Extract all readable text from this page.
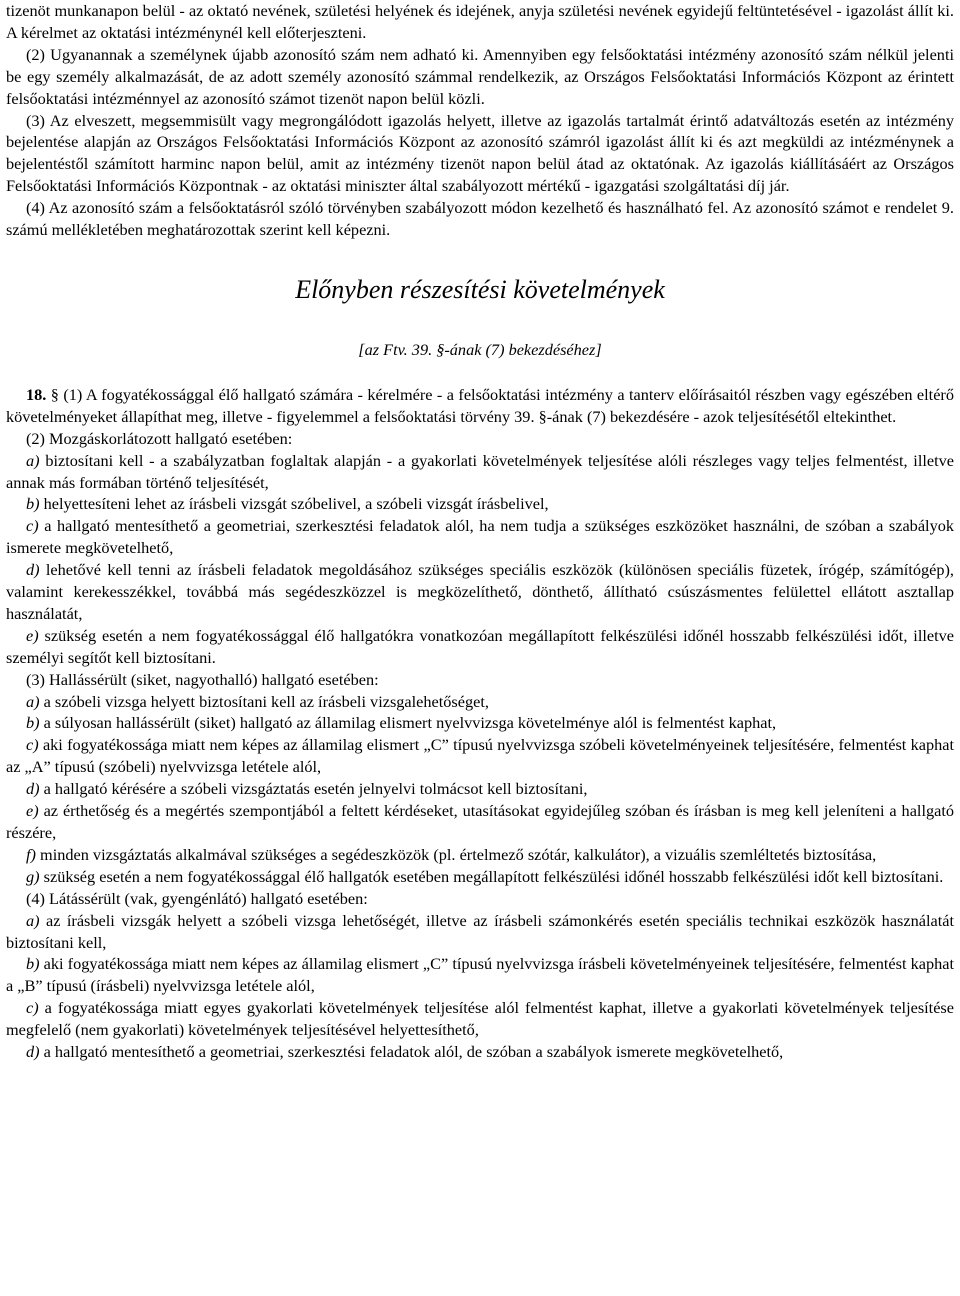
tizenöt munkanapon belül - az oktató nevének, születési helyének és idejének, anyja születési nevének egyidejű feltüntetésével - igazolást állít ki. A kérelmet az oktatási intézménynél kell előterjeszteni.

(2) Ugyanannak a személynek újabb azonosító szám nem adható ki. Amennyiben egy felsőoktatási intézmény azonosító szám nélkül jelenti be egy személy alkalmazását, de az adott személy azonosító számmal rendelkezik, az Országos Felsőoktatási Információs Központ az érintett felsőoktatási intézménnyel az azonosító számot tizenöt napon belül közli.

(3) Az elveszett, megsemmisült vagy megrongálódott igazolás helyett, illetve az igazolás tartalmát érintő adatváltozás esetén az intézmény bejelentése alapján az Országos Felsőoktatási Információs Központ az azonosító számról igazolást állít ki és azt megküldi az intézménynek a bejelentéstől számított harminc napon belül, amit az intézmény tizenöt napon belül átad az oktatónak. Az igazolás kiállításáért az Országos Felsőoktatási Információs Központnak - az oktatási miniszter által szabályozott mértékű - igazgatási szolgáltatási díj jár.

(4) Az azonosító szám a felsőoktatásról szóló törvényben szabályozott módon kezelhető és használható fel. Az azonosító számot e rendelet 9. számú mellékletében meghatározottak szerint kell képezni.

Előnyben részesítési követelmények

[az Ftv. 39. §-ának (7) bekezdéséhez]

18. § (1) A fogyatékossággal élő hallgató számára - kérelmére - a felsőoktatási intézmény a tanterv előírásaitól részben vagy egészében eltérő követelményeket állapíthat meg, illetve - figyelemmel a felsőoktatási törvény 39. §-ának (7) bekezdésére - azok teljesítésétől eltekinthet.

(2) Mozgáskorlátozott hallgató esetében:

a) biztosítani kell - a szabályzatban foglaltak alapján - a gyakorlati követelmények teljesítése alóli részleges vagy teljes felmentést, illetve annak más formában történő teljesítését,

b) helyettesíteni lehet az írásbeli vizsgát szóbelivel, a szóbeli vizsgát írásbelivel,

c) a hallgató mentesíthető a geometriai, szerkesztési feladatok alól, ha nem tudja a szükséges eszközöket használni, de szóban a szabályok ismerete megkövetelhető,

d) lehetővé kell tenni az írásbeli feladatok megoldásához szükséges speciális eszközök (különösen speciális füzetek, írógép, számítógép), valamint kerekesszékkel, továbbá más segédeszközzel is megközelíthető, dönthető, állítható csúszásmentes felülettel ellátott asztallap használatát,

e) szükség esetén a nem fogyatékossággal élő hallgatókra vonatkozóan megállapított felkészülési időnél hosszabb felkészülési időt, illetve személyi segítőt kell biztosítani.

(3) Hallássérült (siket, nagyothalló) hallgató esetében:

a) a szóbeli vizsga helyett biztosítani kell az írásbeli vizsgalehetőséget,

b) a súlyosan hallássérült (siket) hallgató az államilag elismert nyelvvizsga követelménye alól is felmentést kaphat,

c) aki fogyatékossága miatt nem képes az államilag elismert „C” típusú nyelvvizsga szóbeli követelményeinek teljesítésére, felmentést kaphat az „A” típusú (szóbeli) nyelvvizsga letétele alól,

d) a hallgató kérésére a szóbeli vizsgáztatás esetén jelnyelvi tolmácsot kell biztosítani,

e) az érthetőség és a megértés szempontjából a feltett kérdéseket, utasításokat egyidejűleg szóban és írásban is meg kell jeleníteni a hallgató részére,

f) minden vizsgáztatás alkalmával szükséges a segédeszközök (pl. értelmező szótár, kalkulátor), a vizuális szemléltetés biztosítása,

g) szükség esetén a nem fogyatékossággal élő hallgatók esetében megállapított felkészülési időnél hosszabb felkészülési időt kell biztosítani.

(4) Látássérült (vak, gyengénlátó) hallgató esetében:

a) az írásbeli vizsgák helyett a szóbeli vizsga lehetőségét, illetve az írásbeli számonkérés esetén speciális technikai eszközök használatát biztosítani kell,

b) aki fogyatékossága miatt nem képes az államilag elismert „C” típusú nyelvvizsga írásbeli követelményeinek teljesítésére, felmentést kaphat a „B” típusú (írásbeli) nyelvvizsga letétele alól,

c) a fogyatékossága miatt egyes gyakorlati követelmények teljesítése alól felmentést kaphat, illetve a gyakorlati követelmények teljesítése megfelelő (nem gyakorlati) követelmények teljesítésével helyettesíthető,

d) a hallgató mentesíthető a geometriai, szerkesztési feladatok alól, de szóban a szabályok ismerete megkövetelhető,
